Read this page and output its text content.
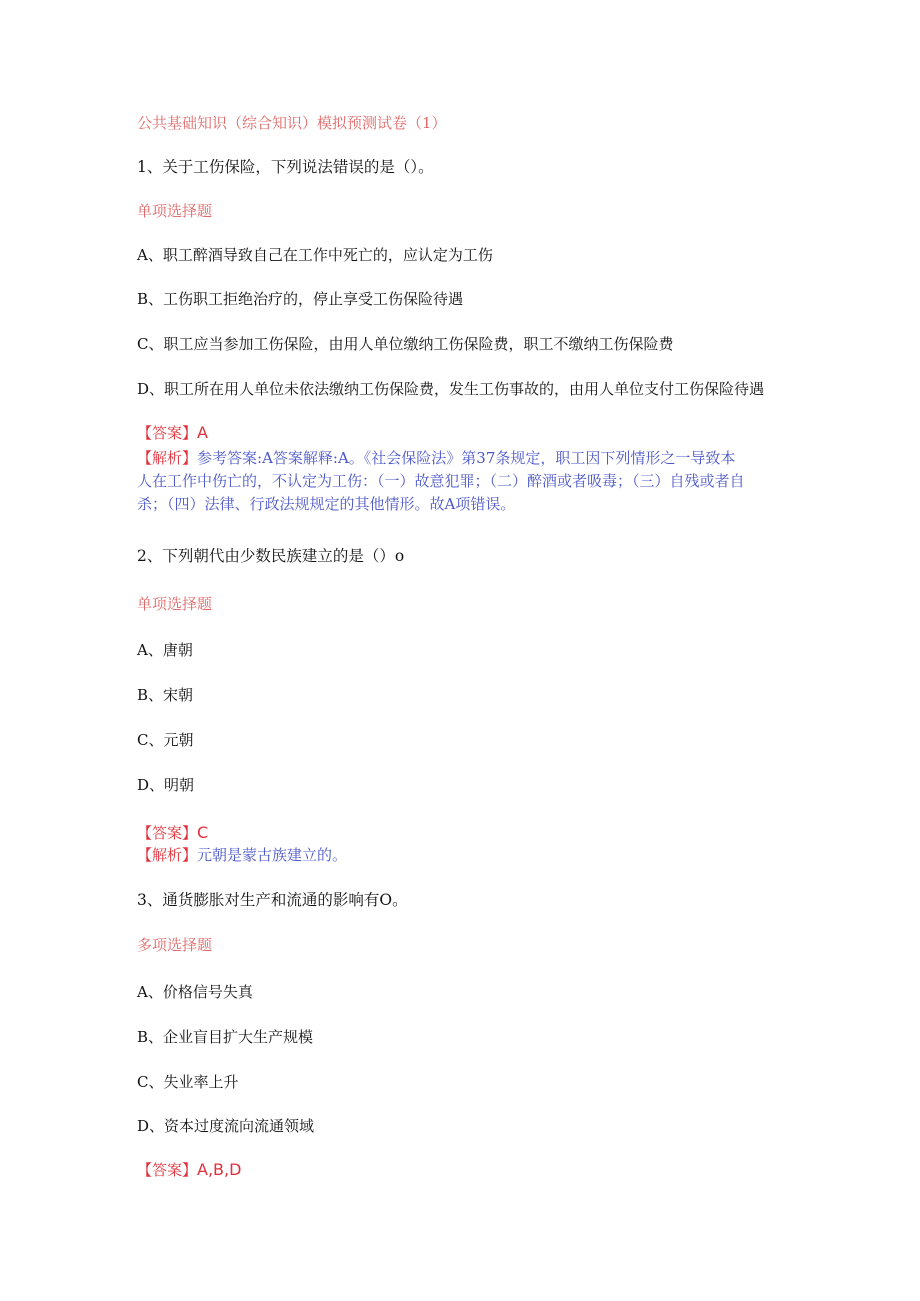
公共基础知识（综合知识）模拟预测试卷（1）
1、关于工伤保险，下列说法错误的是（）。
单项选择题
A、职工醉酒导致自己在工作中死亡的，应认定为工伤
B、工伤职工拒绝治疗的，停止享受工伤保险待遇
C、职工应当参加工伤保险，由用人单位缴纳工伤保险费，职工不缴纳工伤保险费
D、职工所在用人单位未依法缴纳工伤保险费，发生工伤事故的，由用人单位支付工伤保险待遇
【答案】A
【解析】参考答案:A答案解释:A。《社会保险法》第37条规定，职工因下列情形之一导致本
人在工作中伤亡的，不认定为工伤：（一）故意犯罪；（二）醉酒或者吸毒；（三）自残或者自
杀；（四）法律、行政法规规定的其他情形。故A项错误。
2、下列朝代由少数民族建立的是（）o
单项选择题
A、唐朝
B、宋朝
C、元朝
D、明朝
【答案】C
【解析】元朝是蒙古族建立的。
3、通货膨胀对生产和流通的影响有O。
多项选择题
A、价格信号失真
B、企业盲目扩大生产规模
C、失业率上升
D、资本过度流向流通领域
【答案】A,B,D
